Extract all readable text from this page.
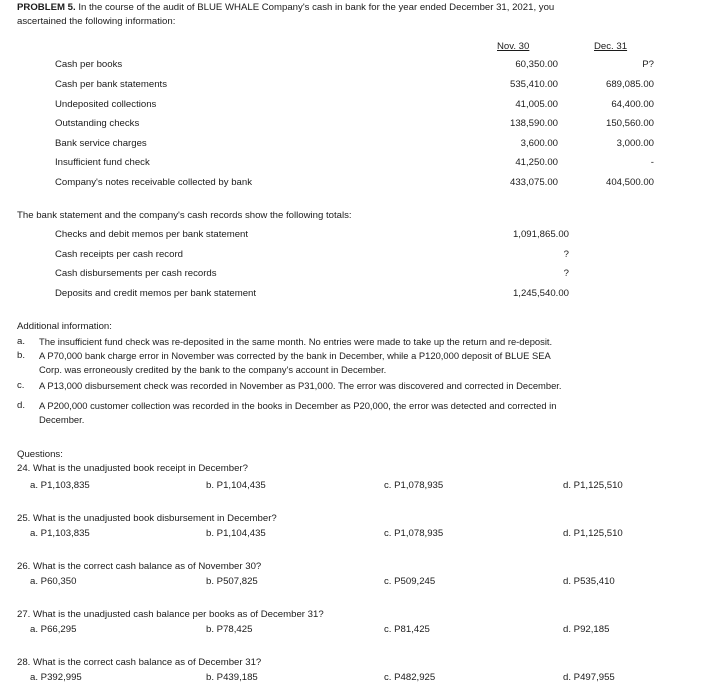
PROBLEM 5. In the course of the audit of BLUE WHALE Company's cash in bank for the year ended December 31, 2021, you
ascertained the following information:
Nov. 30	Dec. 31
Cash per books	60,350.00	P?
Cash per bank statements	535,410.00	689,085.00
Undeposited collections	41,005.00	64,400.00
Outstanding checks	138,590.00	150,560.00
Bank service charges	3,600.00	3,000.00
Insufficient fund check	41,250.00	-
Company's notes receivable collected by bank	433,075.00	404,500.00
The bank statement and the company's cash records show the following totals:
Checks and debit memos per bank statement	1,091,865.00
Cash receipts per cash record	?
Cash disbursements per cash records	?
Deposits and credit memos per bank statement	1,245,540.00
Additional information:
a. The insufficient fund check was re-deposited in the same month. No entries were made to take up the return and re-deposit.
b. A P70,000 bank charge error in November was corrected by the bank in December, while a P120,000 deposit of BLUE SEA
Corp. was erroneously credited by the bank to the company's account in December.
c. A P13,000 disbursement check was recorded in November as P31,000. The error was discovered and corrected in December.
d. A P200,000 customer collection was recorded in the books in December as P20,000, the error was detected and corrected in
December.
Questions:
24. What is the unadjusted book receipt in December?
a. P1,103,835	b. P1,104,435	c. P1,078,935	d. P1,125,510
25. What is the unadjusted book disbursement in December?
a. P1,103,835	b. P1,104,435	c. P1,078,935	d. P1,125,510
26. What is the correct cash balance as of November 30?
a. P60,350	b. P507,825	c. P509,245	d. P535,410
27. What is the unadjusted cash balance per books as of December 31?
a. P66,295	b. P78,425	c. P81,425	d. P92,185
28. What is the correct cash balance as of December 31?
a. P392,995	b. P439,185	c. P482,925	d. P497,955
